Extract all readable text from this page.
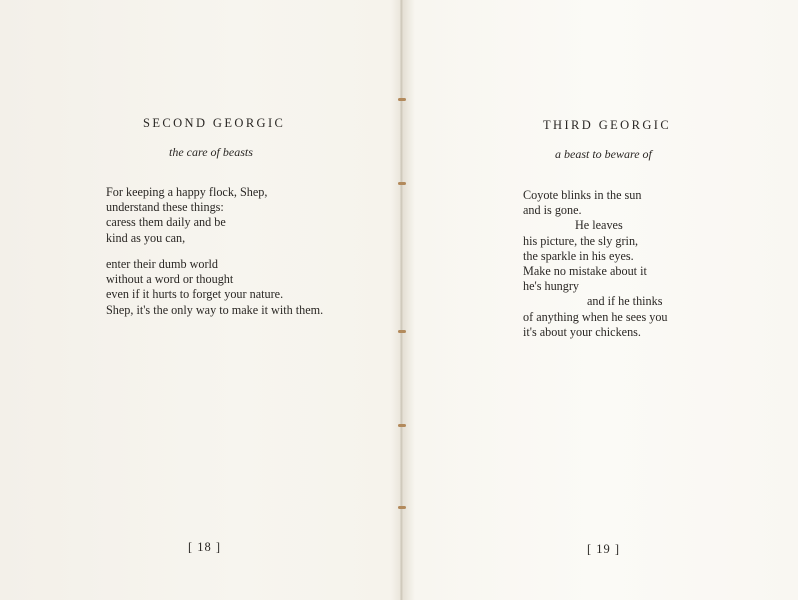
SECOND GEORGIC
the care of beasts
For keeping a happy flock, Shep,
understand these things:
caress them daily and be
kind as you can,
enter their dumb world
without a word or thought
even if it hurts to forget your nature.
Shep, it's the only way to make it with them.
[ 18 ]
THIRD GEORGIC
a beast to beware of
Coyote blinks in the sun
and is gone.
He leaves
his picture, the sly grin,
the sparkle in his eyes.
Make no mistake about it
he's hungry
and if he thinks
of anything when he sees you
it's about your chickens.
[ 19 ]
